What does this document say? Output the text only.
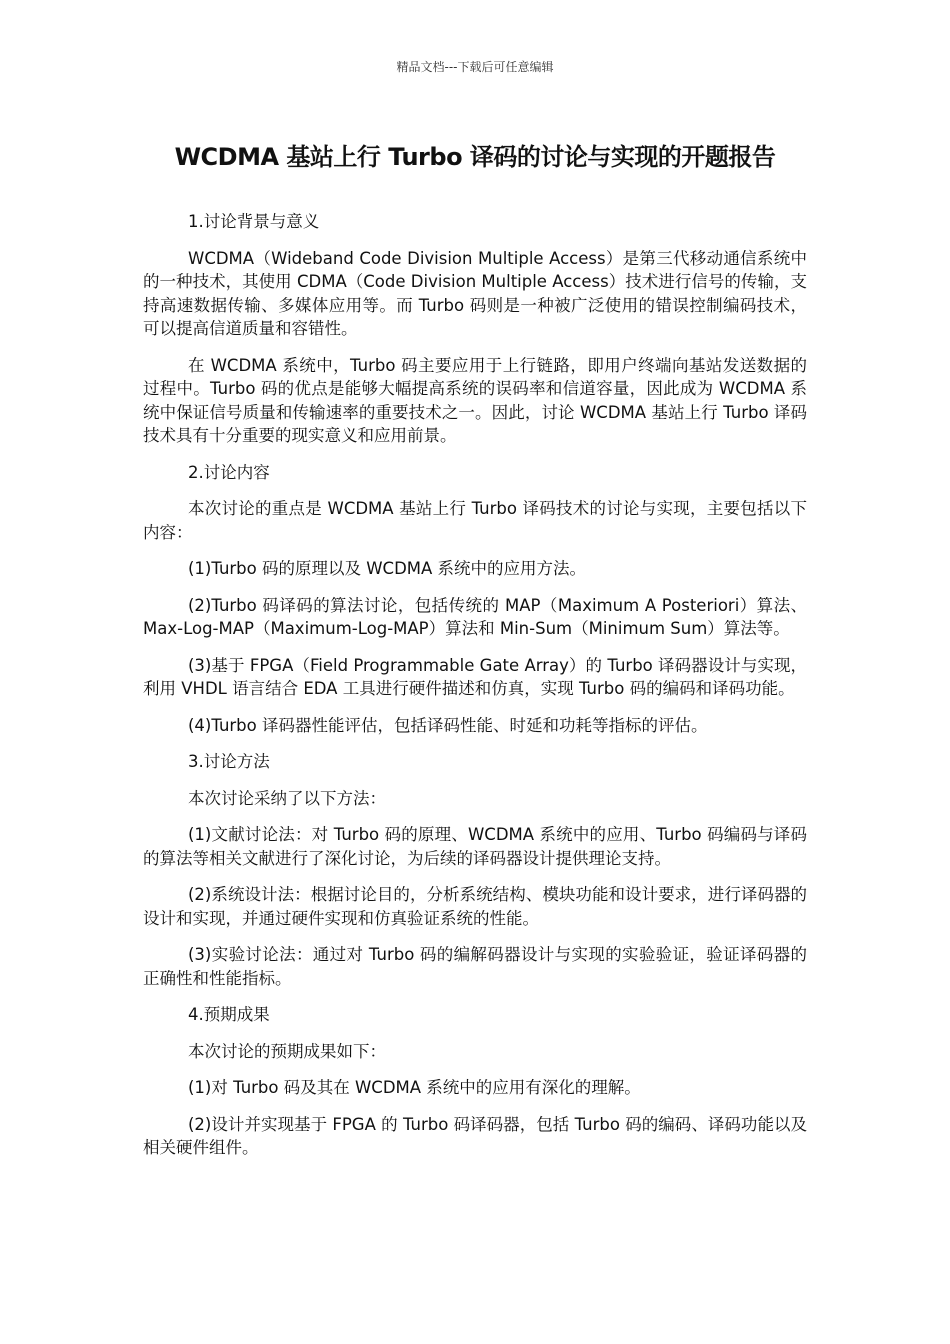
精品文档---下载后可任意编辑
WCDMA 基站上行 Turbo 译码的讨论与实现的开题报告

1.讨论背景与意义

WCDMA（Wideband Code Division Multiple Access）是第三代移动通信系统中的一种技术，其使用 CDMA（Code Division Multiple Access）技术进行信号的传输，支持高速数据传输、多媒体应用等。而 Turbo 码则是一种被广泛使用的错误控制编码技术，可以提高信道质量和容错性。

在 WCDMA 系统中，Turbo 码主要应用于上行链路，即用户终端向基站发送数据的过程中。Turbo 码的优点是能够大幅提高系统的误码率和信道容量，因此成为 WCDMA 系统中保证信号质量和传输速率的重要技术之一。因此，讨论 WCDMA 基站上行 Turbo 译码技术具有十分重要的现实意义和应用前景。

2.讨论内容

本次讨论的重点是 WCDMA 基站上行 Turbo 译码技术的讨论与实现，主要包括以下内容：

(1)Turbo 码的原理以及 WCDMA 系统中的应用方法。

(2)Turbo 码译码的算法讨论，包括传统的 MAP（Maximum A Posteriori）算法、Max-Log-MAP（Maximum-Log-MAP）算法和 Min-Sum（Minimum Sum）算法等。

(3)基于 FPGA（Field Programmable Gate Array）的 Turbo 译码器设计与实现，利用 VHDL 语言结合 EDA 工具进行硬件描述和仿真，实现 Turbo 码的编码和译码功能。

(4)Turbo 译码器性能评估，包括译码性能、时延和功耗等指标的评估。

3.讨论方法

本次讨论采纳了以下方法：

(1)文献讨论法：对 Turbo 码的原理、WCDMA 系统中的应用、Turbo 码编码与译码的算法等相关文献进行了深化讨论，为后续的译码器设计提供理论支持。

(2)系统设计法：根据讨论目的，分析系统结构、模块功能和设计要求，进行译码器的设计和实现，并通过硬件实现和仿真验证系统的性能。

(3)实验讨论法：通过对 Turbo 码的编解码器设计与实现的实验验证，验证译码器的正确性和性能指标。

4.预期成果

本次讨论的预期成果如下：

(1)对 Turbo 码及其在 WCDMA 系统中的应用有深化的理解。

(2)设计并实现基于 FPGA 的 Turbo 码译码器，包括 Turbo 码的编码、译码功能以及相关硬件组件。
